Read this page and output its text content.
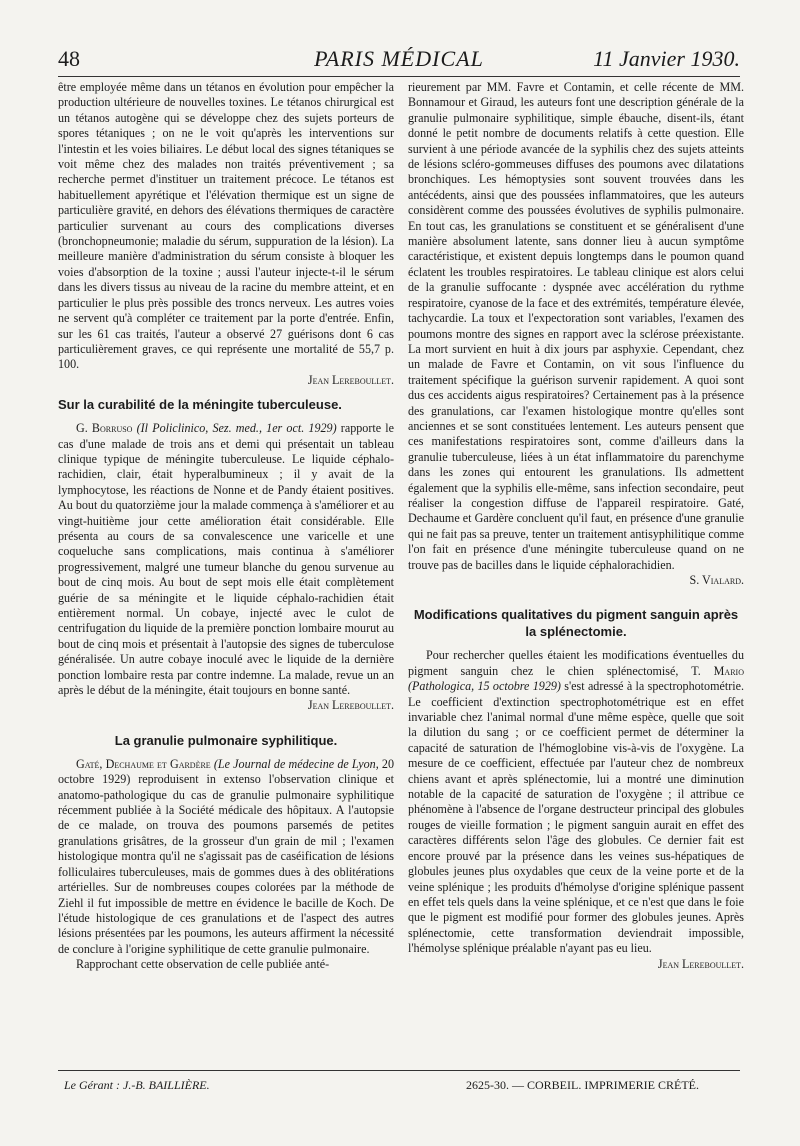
48	PARIS MÉDICAL	11 Janvier 1930.

être employée même dans un tétanos en évolution pour empêcher la production ultérieure de nouvelles toxines. Le tétanos chirurgical est un tétanos autogène qui se développe chez des sujets porteurs de spores tétaniques ; on ne le voit qu'après les interventions sur l'intestin et les voies biliaires. Le début local des signes tétaniques se voit même chez des malades non traités préventivement ; sa recherche permet d'instituer un traitement précoce. Le tétanos est habituellement apyrétique et l'élévation thermique est un signe de particulière gravité, en dehors des élévations thermiques de caractère particulier survenant au cours des complications diverses (bronchopneumonie; maladie du sérum, suppuration de la lésion). La meilleure manière d'administration du sérum consiste à bloquer les voies d'absorption de la toxine ; aussi l'auteur injecte-t-il le sérum dans les divers tissus au niveau de la racine du membre atteint, et en particulier le plus près possible des troncs nerveux. Les autres voies ne servent qu'à compléter ce traitement par la porte d'entrée. Enfin, sur les 61 cas traités, l'auteur a observé 27 guérisons dont 6 cas particulièrement graves, ce qui représente une mortalité de 55,7 p. 100.

Jean Lereboullet.
Sur la curabilité de la méningite tuberculeuse.

G. Borruso (Il Policlinico, Sez. med., 1er oct. 1929) rapporte le cas d'une malade de trois ans et demi qui présentait un tableau clinique typique de méningite tuberculeuse. Le liquide céphalo-rachidien, clair, était hyperalbumineux ; il y avait de la lymphocytose, les réactions de Nonne et de Pandy étaient positives. Au bout du quatorzième jour la malade commença à s'améliorer et au vingt-huitième jour cette amélioration était considérable. Elle présenta au cours de sa convalescence une varicelle et une coqueluche sans complications, mais continua à s'améliorer progressivement, malgré une tumeur blanche du genou survenue au bout de cinq mois. Au bout de sept mois elle était complètement guérie de sa méningite et le liquide céphalo-rachidien était entièrement normal. Un cobaye, injecté avec le culot de centrifugation du liquide de la première ponction lombaire mourut au bout de cinq mois et présentait à l'autopsie des signes de tuberculose généralisée. Un autre cobaye inoculé avec le liquide de la dernière ponction lombaire resta par contre indemne. La malade, revue un an après le début de la méningite, était toujours en bonne santé.

Jean Lereboullet.
La granulie pulmonaire syphilitique.

Gaté, Dechaume et Gardère (Le Journal de médecine de Lyon, 20 octobre 1929) reproduisent in extenso l'observation clinique et anatomo-pathologique du cas de granulie pulmonaire syphilitique récemment publiée à la Société médicale des hôpitaux. A l'autopsie de ce malade, on trouva des poumons parsemés de petites granulations grisâtres, de la grosseur d'un grain de mil ; l'examen histologique montra qu'il ne s'agissait pas de caséification de lésions folliculaires tuberculeuses, mais de gommes dues à des oblitérations artérielles. Sur de nombreuses coupes colorées par la méthode de Ziehl il fut impossible de mettre en évidence le bacille de Koch. De l'étude histologique de ces granulations et de l'aspect des autres lésions présentées par les poumons, les auteurs affirment la nécessité de conclure à l'origine syphilitique de cette granulie pulmonaire.

Rapprochant cette observation de celle publiée anté-

rieurement par MM. Favre et Contamin, et celle récente de MM. Bonnamour et Giraud, les auteurs font une description générale de la granulie pulmonaire syphilitique, simple ébauche, disent-ils, étant donné le petit nombre de documents relatifs à cette question. Elle survient à une période avancée de la syphilis chez des sujets atteints de lésions scléro-gommeuses diffuses des poumons avec dilatations bronchiques. Les hémoptysies sont souvent trouvées dans les antécédents, ainsi que des poussées inflammatoires, que les auteurs considèrent comme des poussées évolutives de syphilis pulmonaire. En tout cas, les granulations se constituent et se généralisent d'une manière absolument latente, sans donner lieu à aucun symptôme caractéristique, et existent depuis longtemps dans le poumon quand éclatent les troubles respiratoires. Le tableau clinique est alors celui de la granulie suffocante : dyspnée avec accélération du rythme respiratoire, cyanose de la face et des extrémités, température élevée, tachycardie. La toux et l'expectoration sont variables, l'examen des poumons montre des signes en rapport avec la sclérose préexistante. La mort survient en huit à dix jours par asphyxie. Cependant, chez un malade de Favre et Contamin, on vit sous l'influence du traitement spécifique la guérison survenir rapidement. A quoi sont dus ces accidents aigus respiratoires? Certainement pas à la présence des granulations, car l'examen histologique montre qu'elles sont anciennes et se sont constituées lentement. Les auteurs pensent que ces manifestations respiratoires sont, comme d'ailleurs dans la granulie tuberculeuse, liées à un état inflammatoire du parenchyme dans les zones qui entourent les granulations. Ils admettent également que la syphilis elle-même, sans infection secondaire, peut réaliser la congestion diffuse de l'appareil respiratoire. Gaté, Dechaume et Gardère concluent qu'il faut, en présence d'une granulie qui ne fait pas sa preuve, tenter un traitement antisyphilitique comme l'on fait en présence d'une méningite tuberculeuse quand on ne trouve pas de bacilles dans le liquide céphalorachidien.

S. Vialard.
Modifications qualitatives du pigment sanguin après la splénectomie.

Pour rechercher quelles étaient les modifications éventuelles du pigment sanguin chez le chien splénectomisé, T. Mario (Pathologica, 15 octobre 1929) s'est adressé à la spectrophotométrie. Le coefficient d'extinction spectrophotométrique est en effet invariable chez l'animal normal d'une même espèce, quelle que soit la dilution du sang ; or ce coefficient permet de déterminer la capacité de saturation de l'hémoglobine vis-à-vis de l'oxygène. La mesure de ce coefficient, effectuée par l'auteur chez de nombreux chiens avant et après splénectomie, lui a montré une diminution notable de la capacité de saturation de l'oxygène ; il attribue ce phénomène à l'absence de l'organe destructeur principal des globules rouges de vieille formation ; le pigment sanguin aurait en effet des caractères différents selon l'âge des globules. Ce dernier fait est encore prouvé par la présence dans les veines sus-hépatiques de globules jeunes plus oxydables que ceux de la veine porte et de la veine splénique ; les produits d'hémolyse d'origine splénique passent en effet tels quels dans la veine splénique, et ce n'est que dans le foie que le pigment est modifié pour former des globules jeunes. Après splénectomie, cette transformation deviendrait impossible, l'hémolyse splénique préalable n'ayant pas eu lieu.

Jean Lereboullet.
Le Gérant : J.-B. BAILLIÈRE.	2625-30. — CORBEIL. IMPRIMERIE CRÉTÉ.
